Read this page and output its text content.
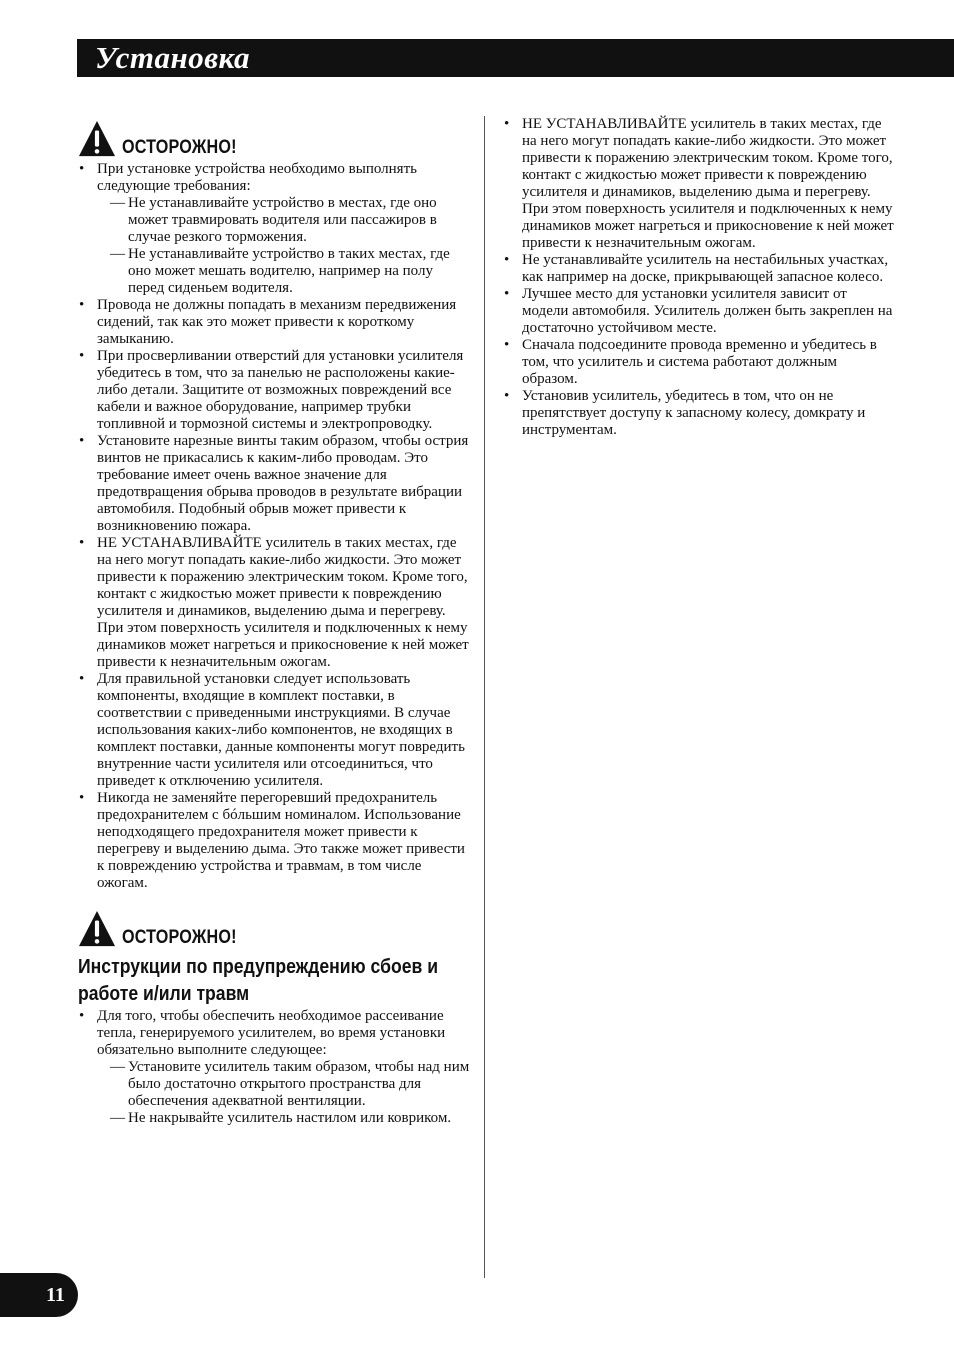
Установка
ОСТОРОЖНО!
• При установке устройства необходимо выполнять следующие требования:
— Не устанавливайте устройство в местах, где оно может травмировать водителя или пассажиров в случае резкого торможения.
— Не устанавливайте устройство в таких местах, где оно может мешать водителю, например на полу перед сиденьем водителя.
• Провода не должны попадать в механизм передвижения сидений, так как это может привести к короткому замыканию.
• При просверливании отверстий для установки усилителя убедитесь в том, что за панелью не расположены какие-либо детали. Защитите от возможных повреждений все кабели и важное оборудование, например трубки топливной и тормозной системы и электропроводку.
• Установите нарезные винты таким образом, чтобы острия винтов не прикасались к каким-либо проводам. Это требование имеет очень важное значение для предотвращения обрыва проводов в результате вибрации автомобиля. Подобный обрыв может привести к возникновению пожара.
• НЕ УСТАНАВЛИВАЙТЕ усилитель в таких местах, где на него могут попадать какие-либо жидкости. Это может привести к поражению электрическим током. Кроме того, контакт с жидкостью может привести к повреждению усилителя и динамиков, выделению дыма и перегреву. При этом поверхность усилителя и подключенных к нему динамиков может нагреться и прикосновение к ней может привести к незначительным ожогам.
• Для правильной установки следует использовать компоненты, входящие в комплект поставки, в соответствии с приведенными инструкциями. В случае использования каких-либо компонентов, не входящих в комплект поставки, данные компоненты могут повредить внутренние части усилителя или отсоединиться, что приведет к отключению усилителя.
• Никогда не заменяйте перегоревший предохранитель предохранителем с бóльшим номиналом. Использование неподходящего предохранителя может привести к перегреву и выделению дыма. Это также может привести к повреждению устройства и травмам, в том числе ожогам.
ОСТОРОЖНО!
Инструкции по предупреждению сбоев и работе и/или травм
• Для того, чтобы обеспечить необходимое рассеивание тепла, генерируемого усилителем, во время установки обязательно выполните следующее:
— Установите усилитель таким образом, чтобы над ним было достаточно открытого пространства для обеспечения адекватной вентиляции.
— Не накрывайте усилитель настилом или ковриком.
• НЕ УСТАНАВЛИВАЙТЕ усилитель в таких местах, где на него могут попадать какие-либо жидкости. Это может привести к поражению электрическим током. Кроме того, контакт с жидкостью может привести к повреждению усилителя и динамиков, выделению дыма и перегреву. При этом поверхность усилителя и подключенных к нему динамиков может нагреться и прикосновение к ней может привести к незначительным ожогам.
• Не устанавливайте усилитель на нестабильных участках, как например на доске, прикрывающей запасное колесо.
• Лучшее место для установки усилителя зависит от модели автомобиля. Усилитель должен быть закреплен на достаточно устойчивом месте.
• Сначала подсоедините провода временно и убедитесь в том, что усилитель и система работают должным образом.
• Установив усилитель, убедитесь в том, что он не препятствует доступу к запасному колесу, домкрату и инструментам.
11
